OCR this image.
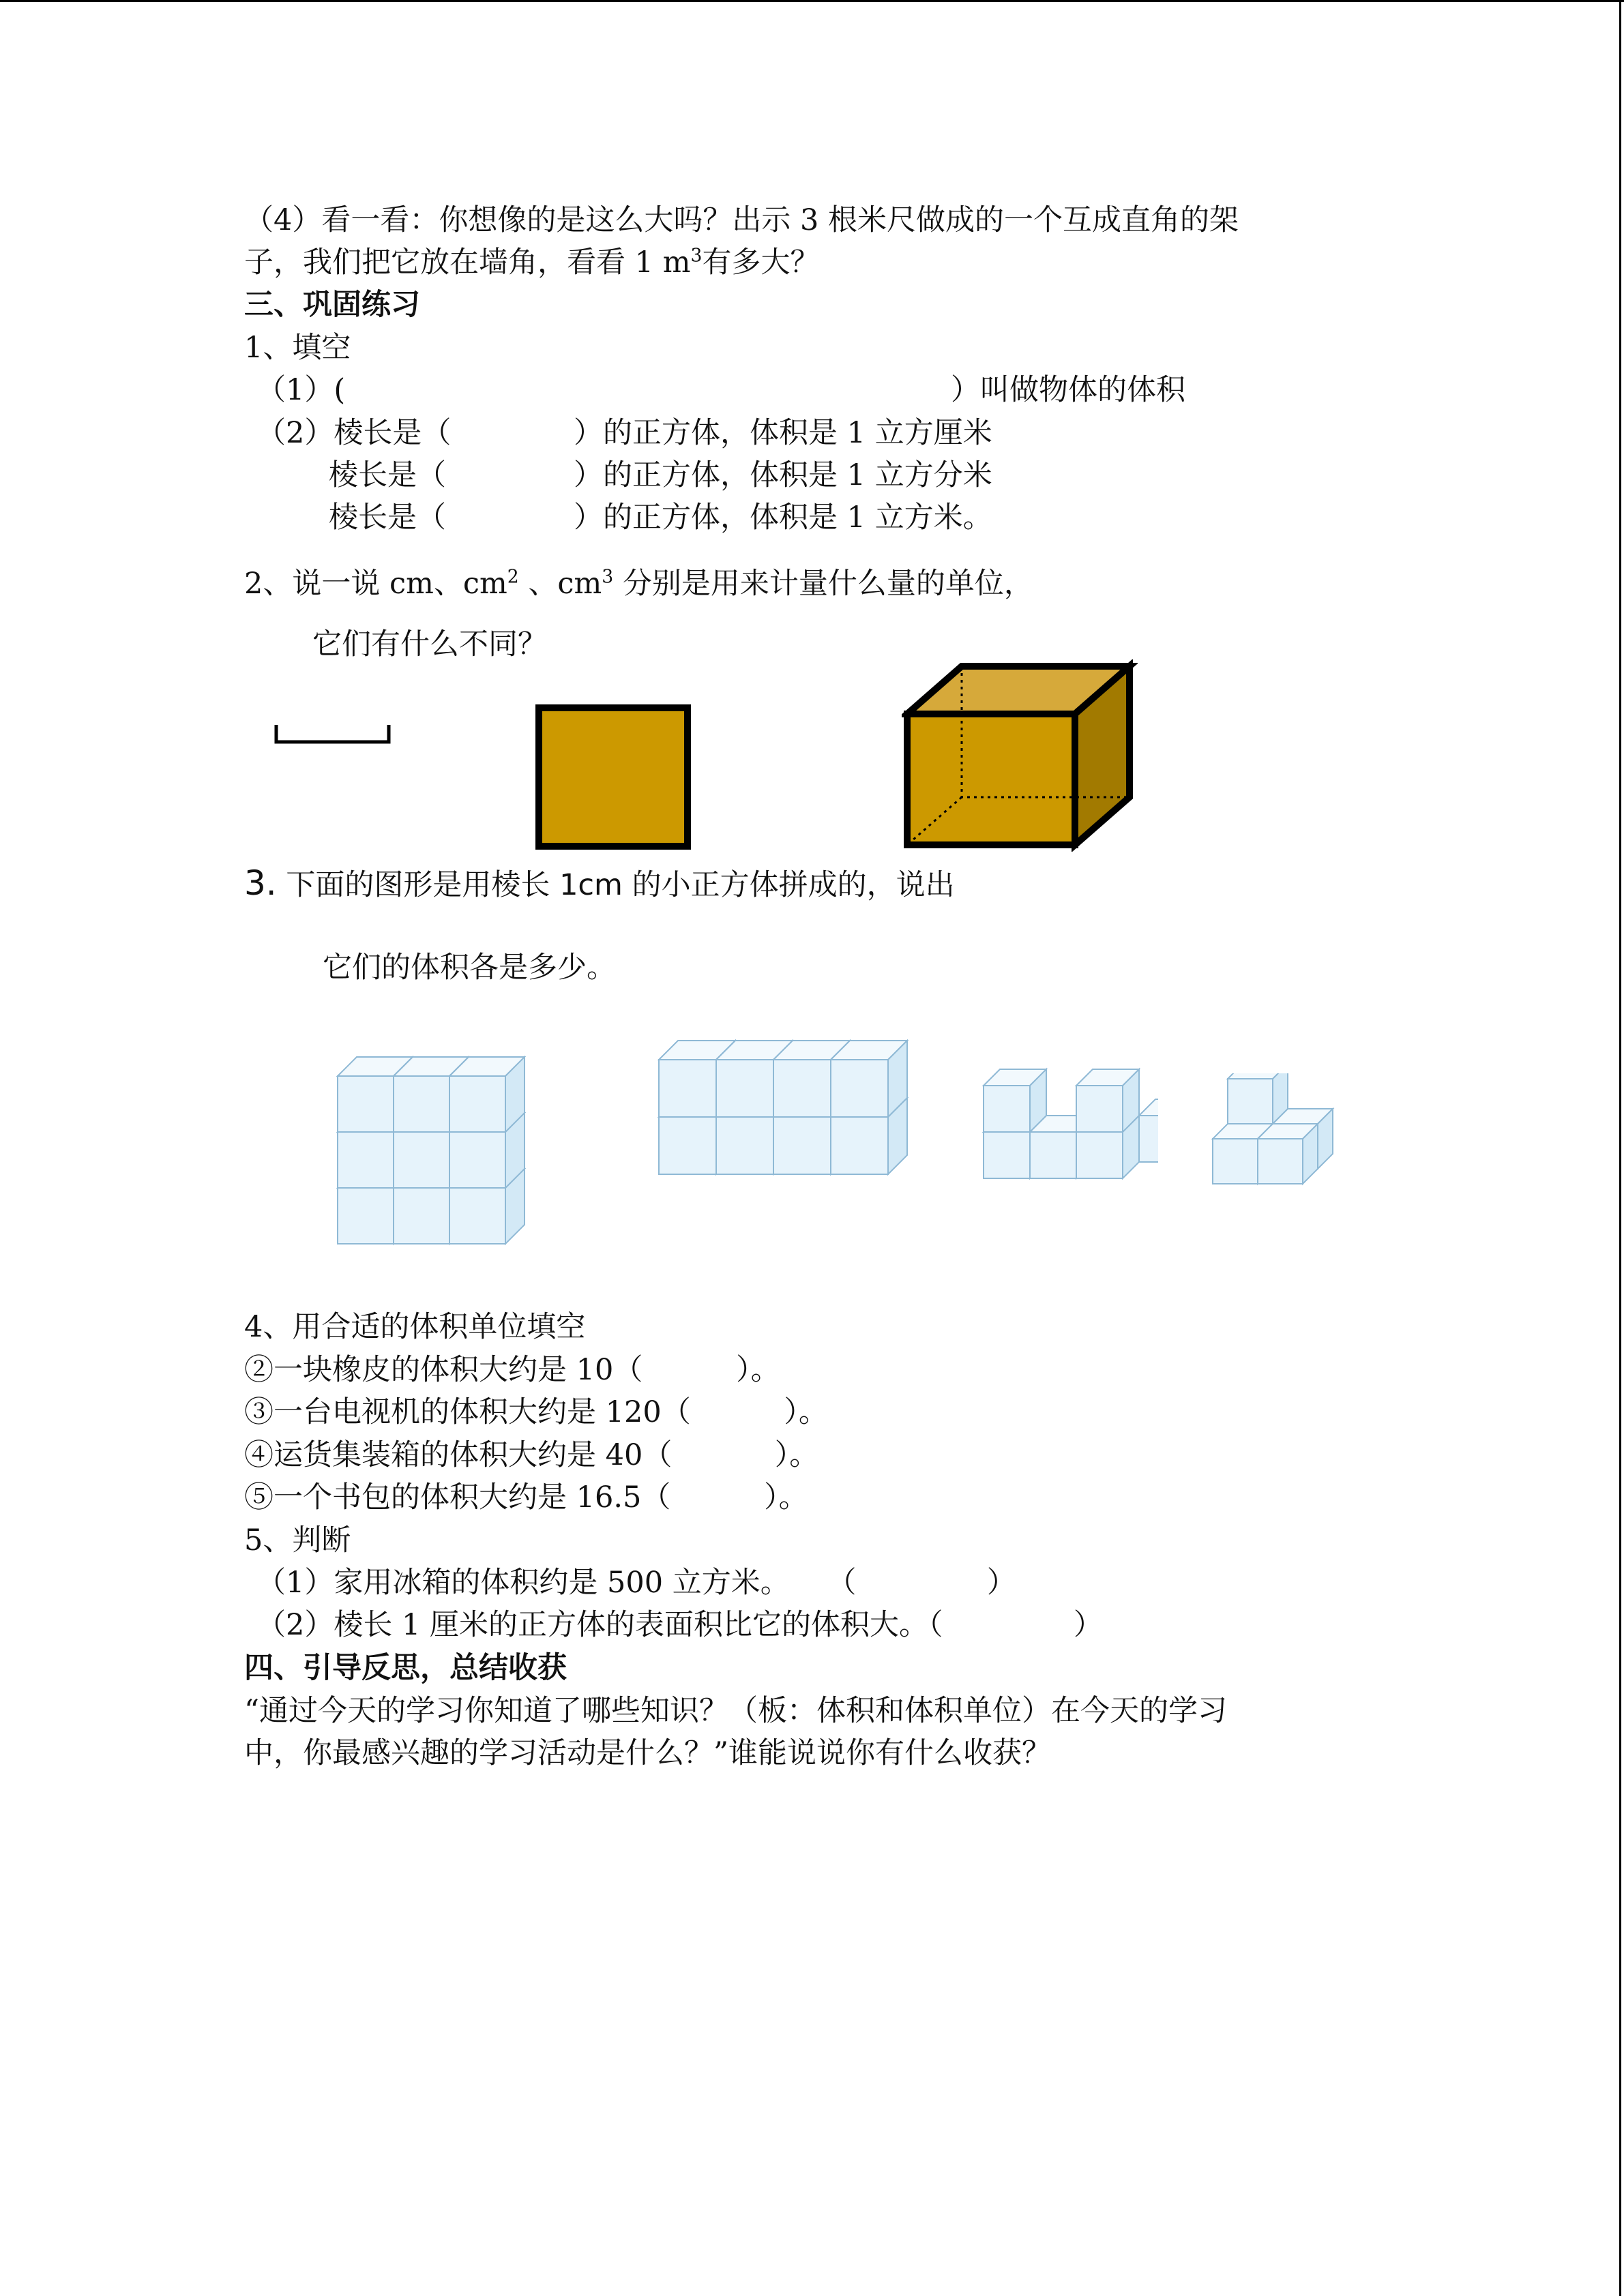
（4）看一看：你想像的是这么大吗？出示 3 根米尺做成的一个互成直角的架
子，我们把它放在墙角，看看 1 $m^3$有多大？
三、巩固练习
1、填空
（1）(	）叫做物体的体积
（2）棱长是（	）的正方体，体积是 1 立方厘米
棱长是（	）的正方体，体积是 1 立方分米
棱长是（	）的正方体，体积是 1 立方米。
2、说一说 cm、$cm^2$ 、$cm^3$ 分别是用来计量什么量的单位，
它们有什么不同？
3. 下面的图形是用棱长 1cm 的小正方体拼成的，说出
它们的体积各是多少。
4、用合适的体积单位填空
②一块橡皮的体积大约是 10（          ）。
③一台电视机的体积大约是 120（          ）。
④运货集装箱的体积大约是 40（           ）。
⑤一个书包的体积大约是 16.5（          ）。
5、判断
（1）家用冰箱的体积约是 500 立方米。    （              ）
（2）棱长 1 厘米的正方体的表面积比它的体积大。（              ）
四、引导反思，总结收获
“通过今天的学习你知道了哪些知识？（板：体积和体积单位）在今天的学习
中，你最感兴趣的学习活动是什么？”谁能说说你有什么收获？
